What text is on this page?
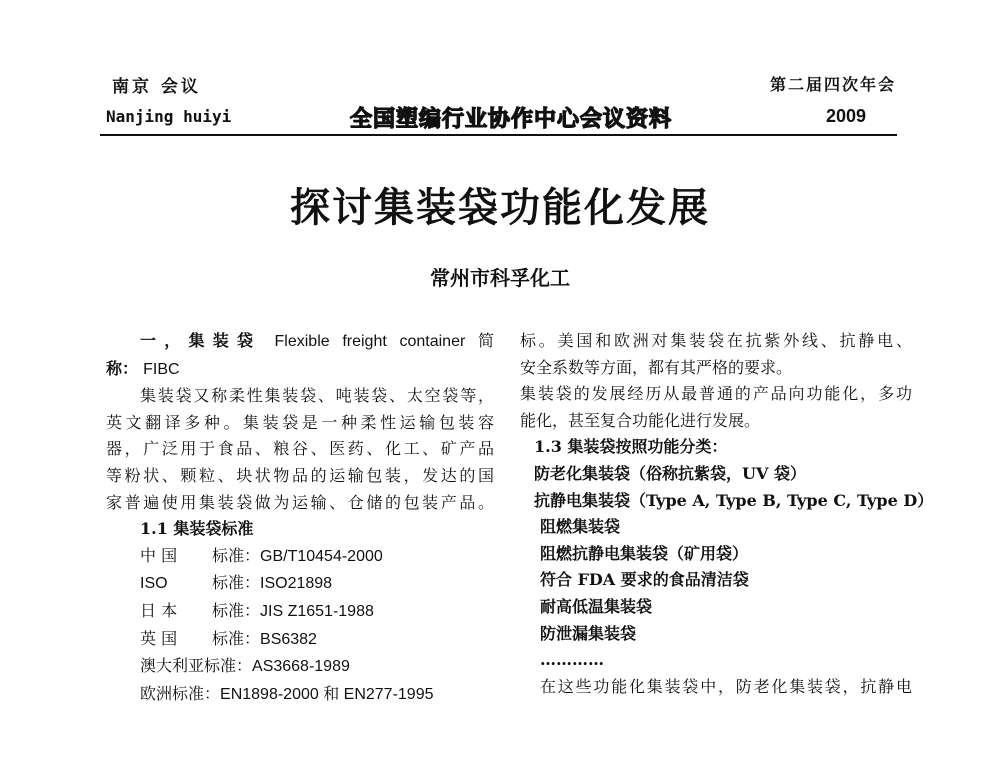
南京 会议
Nanjing huiyi	全国塑编行业协作中心会议资料
第二届四次年会
2009
探讨集装袋功能化发展
常州市科孚化工

一，集装袋 Flexible freight container 简

称： FIBC

集装袋又称柔性集装袋、吨装袋、太空袋等，

英文翻译多种。集装袋是一种柔性运输包装容

器，广泛用于食品、粮谷、医药、化工、矿产品

等粉状、颗粒、块状物品的运输包装，发达的国

家普遍使用集装袋做为运输、仓储的包装产品。

1.1 集装袋标准

中 国 标准：GB/T10454-2000

ISO	标准：ISO21898

日 本 标准：JIS Z1651-1988

英 国 标准：BS6382

澳大利亚标准：AS3668-1989

欧洲标准：EN1898-2000 和 EN277-1995

标。美国和欧洲对集装袋在抗紫外线、抗静电、

安全系数等方面，都有其严格的要求。

集装袋的发展经历从最普通的产品向功能化，多功

能化，甚至复合功能化进行发展。

1.3 集装袋按照功能分类：

防老化集装袋（俗称抗紫袋，UV 袋）

抗静电集装袋（Type A, Type B, Type C, Type D）

阻燃集装袋

阻燃抗静电集装袋（矿用袋）

符合 FDA 要求的食品清洁袋

耐高低温集装袋

防泄漏集装袋

…………

在这些功能化集装袋中，防老化集装袋，抗静电
